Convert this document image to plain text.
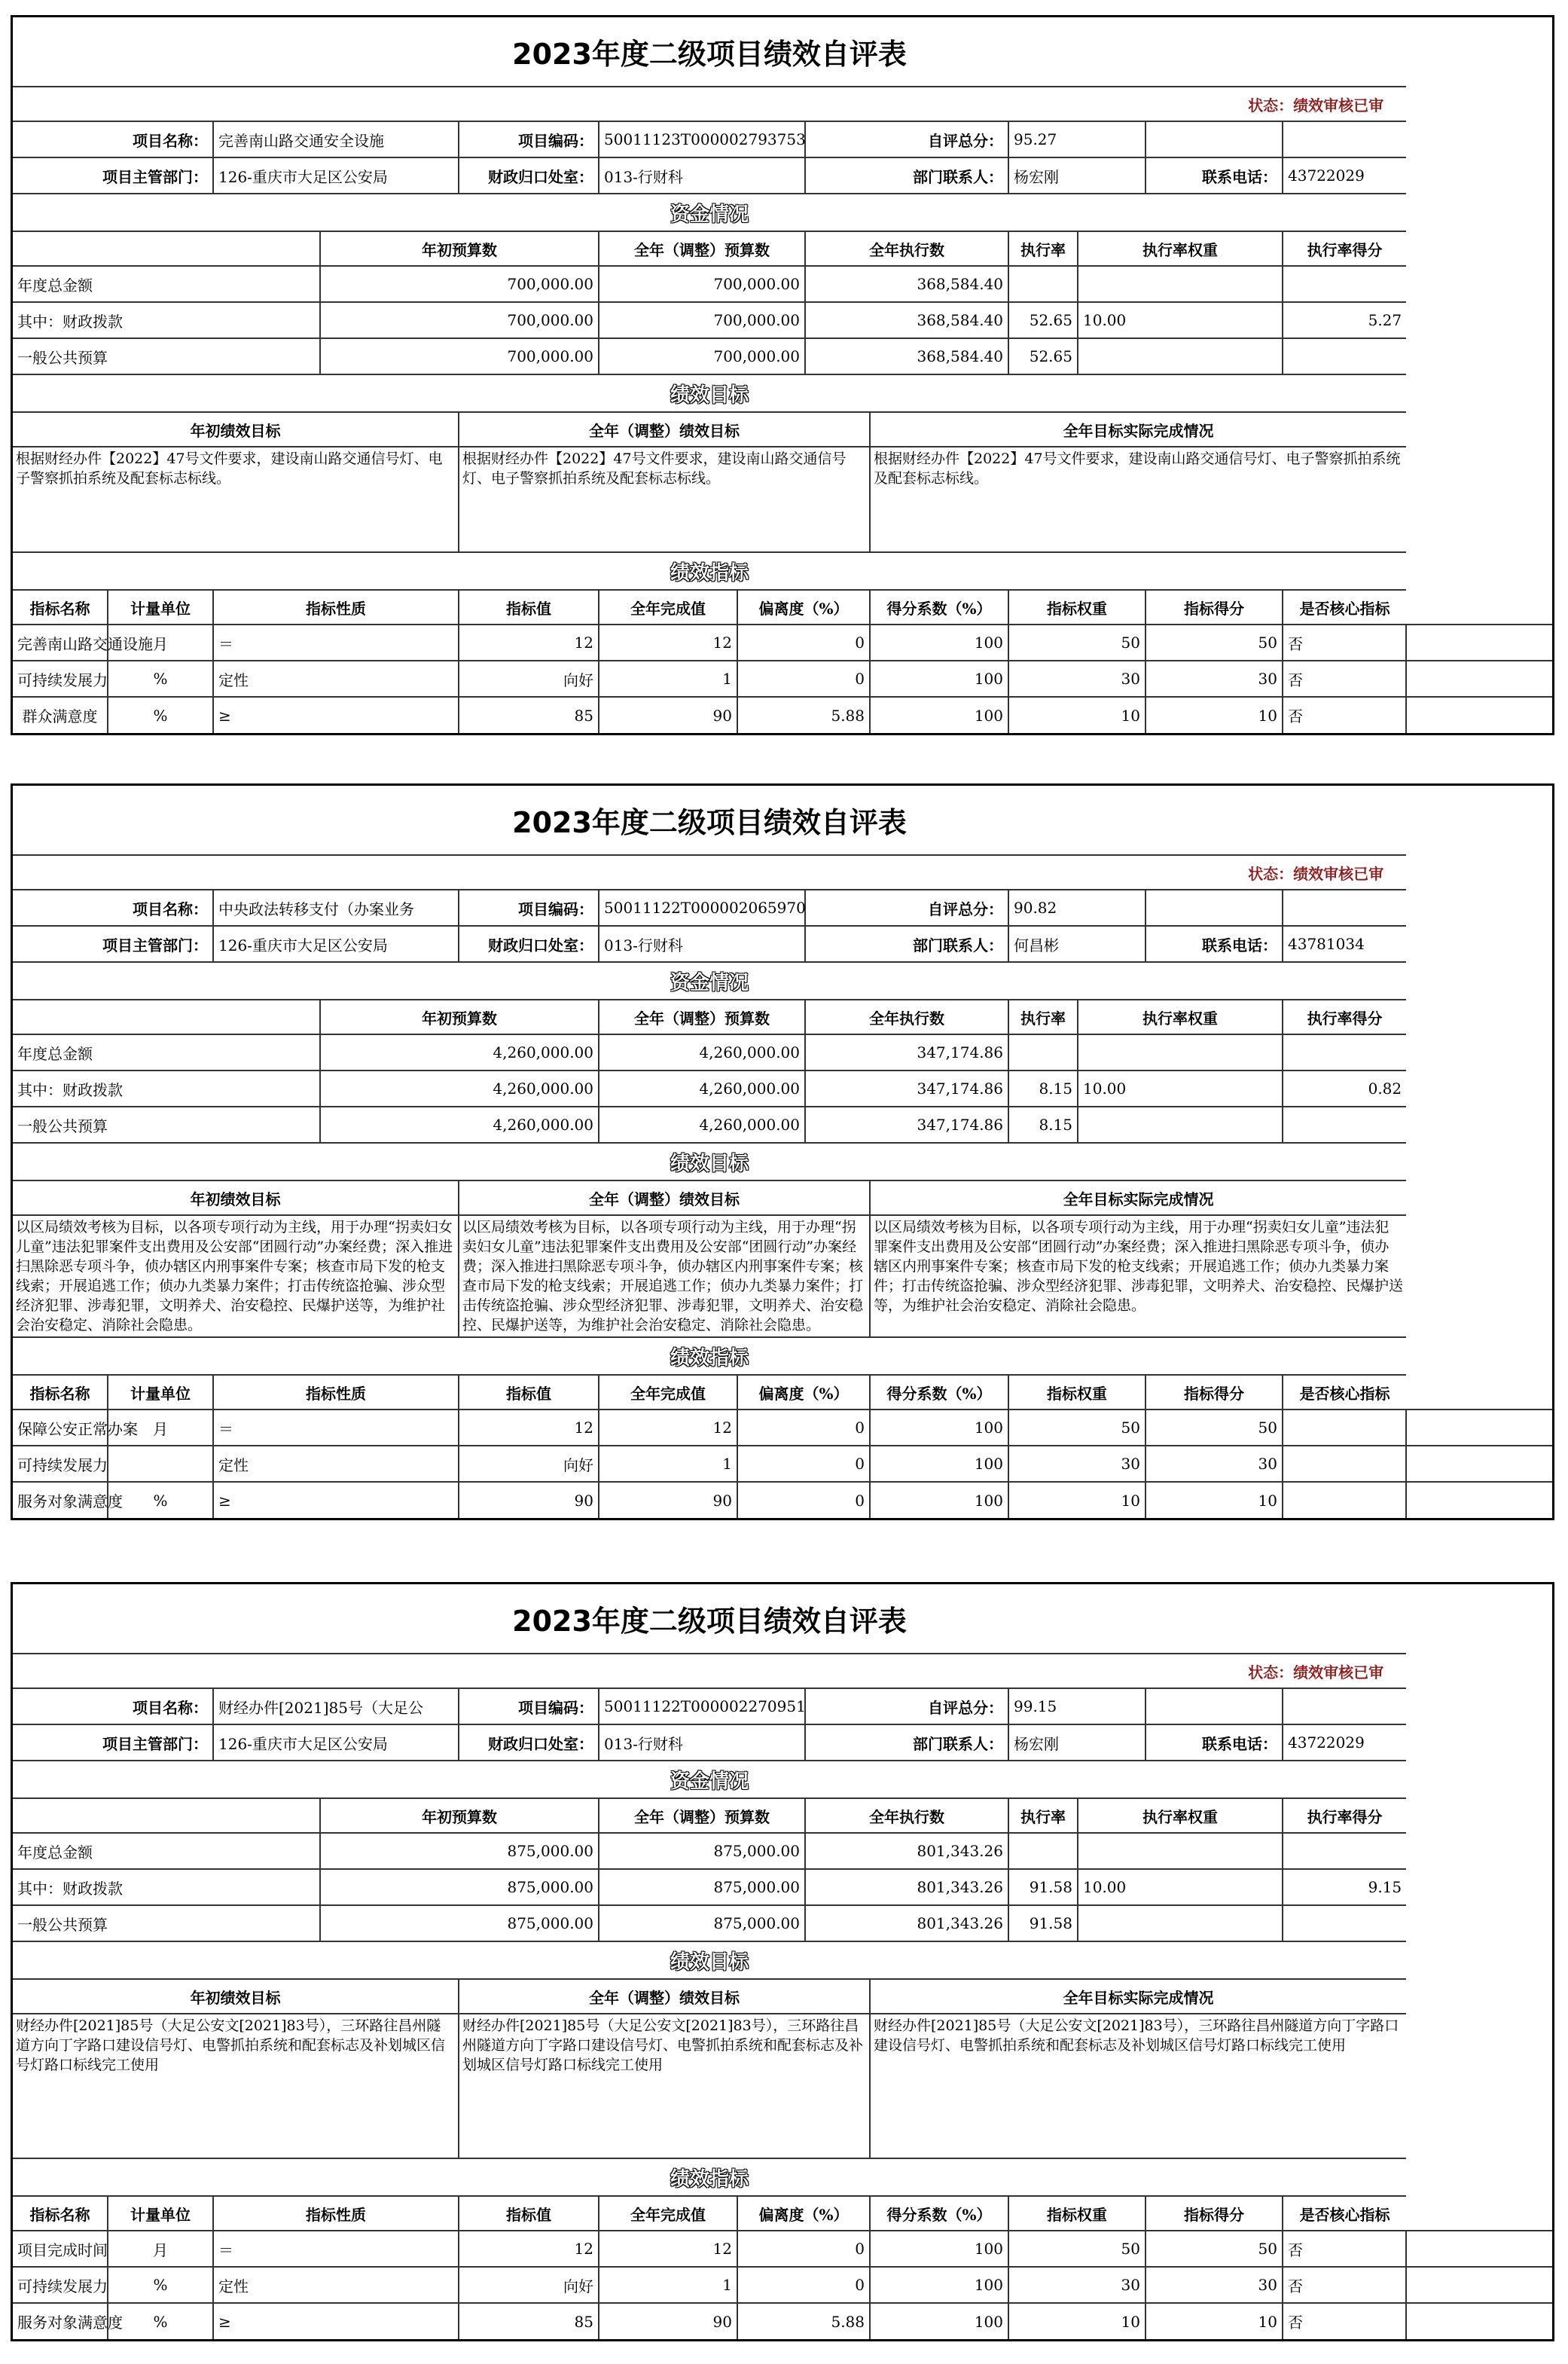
2023年度二级项目绩效自评表													
状态：绩效审核已审													
项目名称：		完善南山路交通安全设施		项目编码：	50011123T000002793753		自评总分：		95.27				
项目主管部门：		126-重庆市大足区公安局		财政归口处室：	013-行财科		部门联系人：		杨宏刚		联系电话：	43722029	
资金情况													
			年初预算数		全年（调整）预算数		全年执行数		执行率	执行率权重		执行率得分	
年度总金额			700,000.00		700,000.00		368,584.40						
其中：财政拨款			700,000.00		700,000.00		368,584.40		52.65	10.00		5.27	
一般公共预算			700,000.00		700,000.00		368,584.40		52.65				
绩效目标													
年初绩效目标				全年（调整）绩效目标				全年目标实际完成情况					
根据财经办件【2022】47号文件要求，建设南山路交通信号灯、电子警察抓拍系统及配套标志标线。				根据财经办件【2022】47号文件要求，建设南山路交通信号灯、电子警察抓拍系统及配套标志标线。				根据财经办件【2022】47号文件要求，建设南山路交通信号灯、电子警察抓拍系统及配套标志标线。					
绩效指标													
指标名称	计量单位	指标性质		指标值	全年完成值	偏离度（%）		得分系数（%）	指标权重		指标得分	是否核心指标	
完善南山路交通设施	月	＝		12	12	0		100	50		50	否	
可持续发展力	%	定性		向好	1	0		100	30		30	否	
群众满意度	%	≥		85	90	5.88		100	10		10	否	
2023年度二级项目绩效自评表													
状态：绩效审核已审													
项目名称：		中央政法转移支付（办案业务		项目编码：	50011122T000002065970		自评总分：		90.82				
项目主管部门：		126-重庆市大足区公安局		财政归口处室：	013-行财科		部门联系人：		何昌彬		联系电话：	43781034	
资金情况													
			年初预算数		全年（调整）预算数		全年执行数		执行率	执行率权重		执行率得分	
年度总金额			4,260,000.00		4,260,000.00		347,174.86						
其中：财政拨款			4,260,000.00		4,260,000.00		347,174.86		8.15	10.00		0.82	
一般公共预算			4,260,000.00		4,260,000.00		347,174.86		8.15				
绩效目标													
年初绩效目标				全年（调整）绩效目标				全年目标实际完成情况					
以区局绩效考核为目标，以各项专项行动为主线，用于办理“拐卖妇女儿童”违法犯罪案件支出费用及公安部“团圆行动”办案经费；深入推进扫黑除恶专项斗争，侦办辖区内刑事案件专案；核查市局下发的枪支线索；开展追逃工作；侦办九类暴力案件；打击传统盗抢骗、涉众型经济犯罪、涉毒犯罪，文明养犬、治安稳控、民爆护送等，为维护社会治安稳定、消除社会隐患。				以区局绩效考核为目标，以各项专项行动为主线，用于办理“拐卖妇女儿童”违法犯罪案件支出费用及公安部“团圆行动”办案经费；深入推进扫黑除恶专项斗争，侦办辖区内刑事案件专案；核查市局下发的枪支线索；开展追逃工作；侦办九类暴力案件；打击传统盗抢骗、涉众型经济犯罪、涉毒犯罪，文明养犬、治安稳控、民爆护送等，为维护社会治安稳定、消除社会隐患。				以区局绩效考核为目标，以各项专项行动为主线，用于办理“拐卖妇女儿童”违法犯罪案件支出费用及公安部“团圆行动”办案经费；深入推进扫黑除恶专项斗争，侦办辖区内刑事案件专案；核查市局下发的枪支线索；开展追逃工作；侦办九类暴力案件；打击传统盗抢骗、涉众型经济犯罪、涉毒犯罪，文明养犬、治安稳控、民爆护送等，为维护社会治安稳定、消除社会隐患。					
绩效指标													
指标名称	计量单位	指标性质		指标值	全年完成值	偏离度（%）		得分系数（%）	指标权重		指标得分	是否核心指标	
保障公安正常办案	月	＝		12	12	0		100	50		50		
可持续发展力		定性		向好	1	0		100	30		30		
服务对象满意度	%	≥		90	90	0		100	10		10		
2023年度二级项目绩效自评表													
状态：绩效审核已审													
项目名称：		财经办件[2021]85号（大足公		项目编码：	50011122T000002270951		自评总分：		99.15				
项目主管部门：		126-重庆市大足区公安局		财政归口处室：	013-行财科		部门联系人：		杨宏刚		联系电话：	43722029	
资金情况													
			年初预算数		全年（调整）预算数		全年执行数		执行率	执行率权重		执行率得分	
年度总金额			875,000.00		875,000.00		801,343.26						
其中：财政拨款			875,000.00		875,000.00		801,343.26		91.58	10.00		9.15	
一般公共预算			875,000.00		875,000.00		801,343.26		91.58				
绩效目标													
年初绩效目标				全年（调整）绩效目标				全年目标实际完成情况					
财经办件[2021]85号（大足公安文[2021]83号），三环路往昌州隧道方向丁字路口建设信号灯、电警抓拍系统和配套标志及补划城区信号灯路口标线完工使用				财经办件[2021]85号（大足公安文[2021]83号），三环路往昌州隧道方向丁字路口建设信号灯、电警抓拍系统和配套标志及补划城区信号灯路口标线完工使用				财经办件[2021]85号（大足公安文[2021]83号），三环路往昌州隧道方向丁字路口建设信号灯、电警抓拍系统和配套标志及补划城区信号灯路口标线完工使用					
绩效指标													
指标名称	计量单位	指标性质		指标值	全年完成值	偏离度（%）		得分系数（%）	指标权重		指标得分	是否核心指标	
项目完成时间	月	＝		12	12	0		100	50		50	否	
可持续发展力	%	定性		向好	1	0		100	30		30	否	
服务对象满意度	%	≥		85	90	5.88		100	10		10	否	
